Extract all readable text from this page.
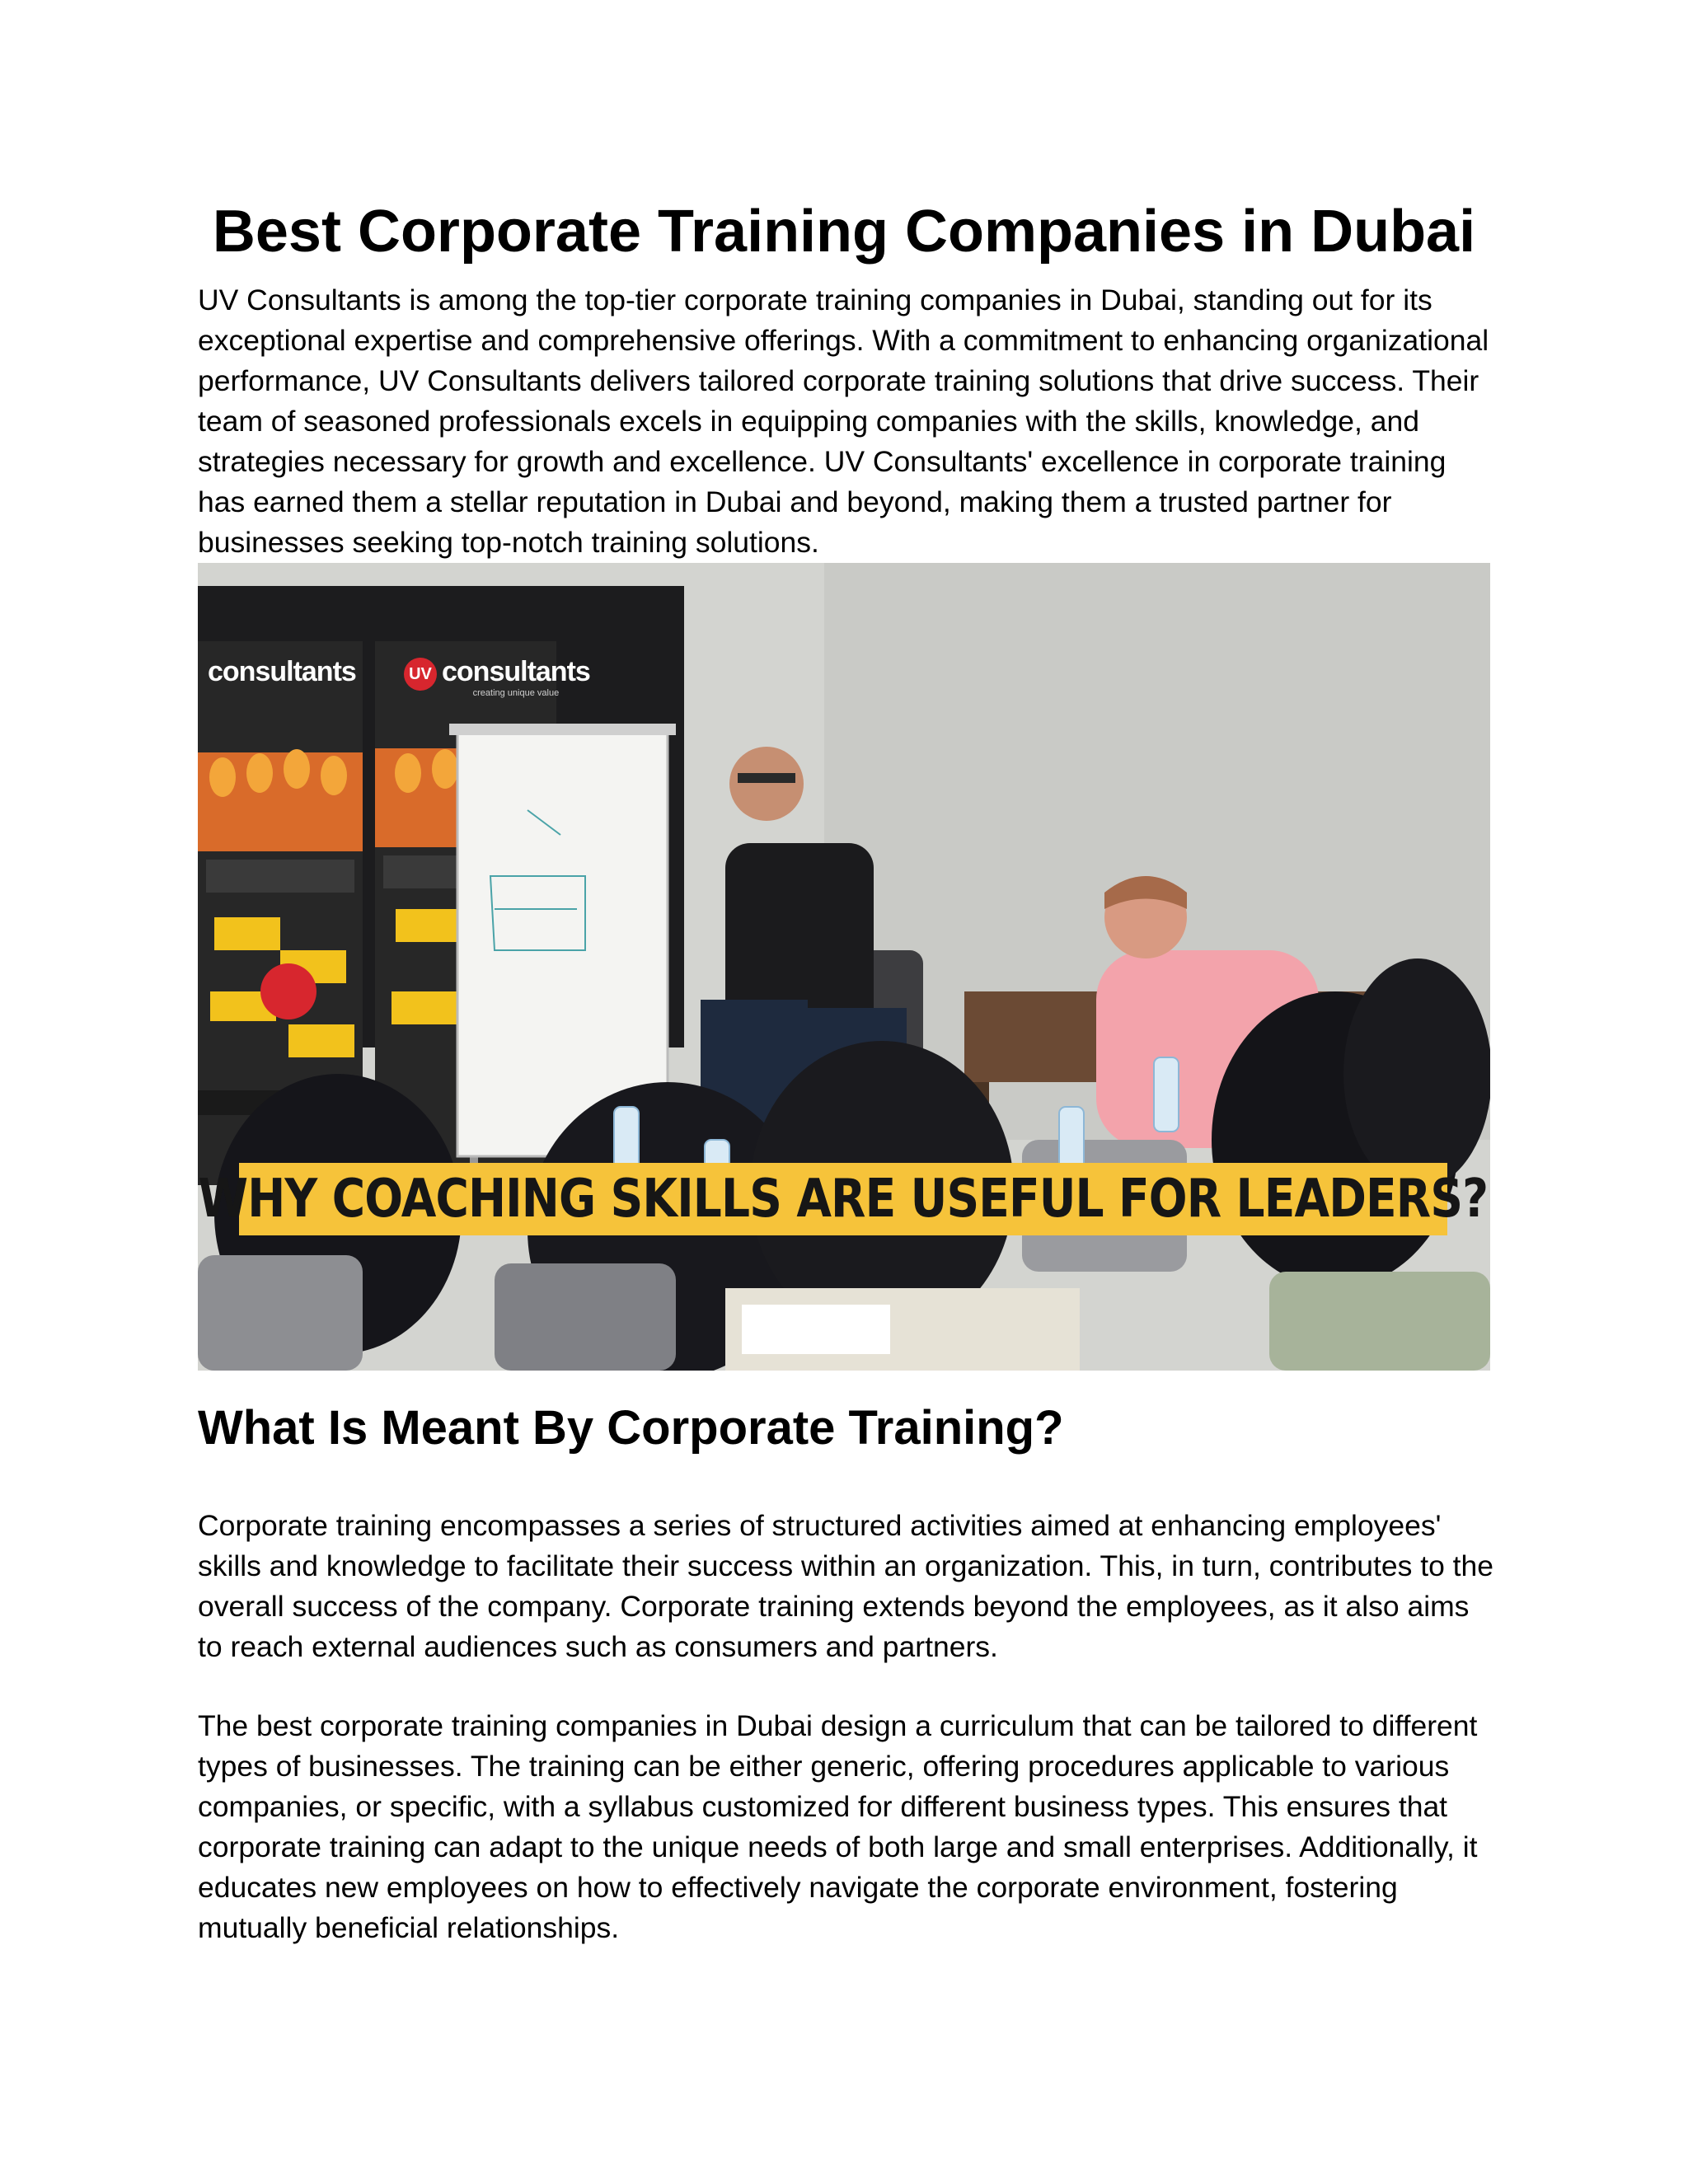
Best Corporate Training Companies in Dubai

UV Consultants is among the top-tier corporate training companies in Dubai, standing out for its exceptional expertise and comprehensive offerings. With a commitment to enhancing organizational performance, UV Consultants delivers tailored corporate training solutions that drive success. Their team of seasoned professionals excels in equipping companies with the skills, knowledge, and strategies necessary for growth and excellence. UV Consultants' excellence in corporate training has earned them a stellar reputation in Dubai and beyond, making them a trusted partner for businesses seeking top-notch training solutions.

consultants	UV consultants
creating unique value
WHY COACHING SKILLS ARE USEFUL FOR LEADERS?
What Is Meant By Corporate Training?

Corporate training encompasses a series of structured activities aimed at enhancing employees' skills and knowledge to facilitate their success within an organization. This, in turn, contributes to the overall success of the company. Corporate training extends beyond the employees, as it also aims to reach external audiences such as consumers and partners.

The best corporate training companies in Dubai design a curriculum that can be tailored to different types of businesses. The training can be either generic, offering procedures applicable to various companies, or specific, with a syllabus customized for different business types. This ensures that corporate training can adapt to the unique needs of both large and small enterprises. Additionally, it educates new employees on how to effectively navigate the corporate environment, fostering mutually beneficial relationships.
